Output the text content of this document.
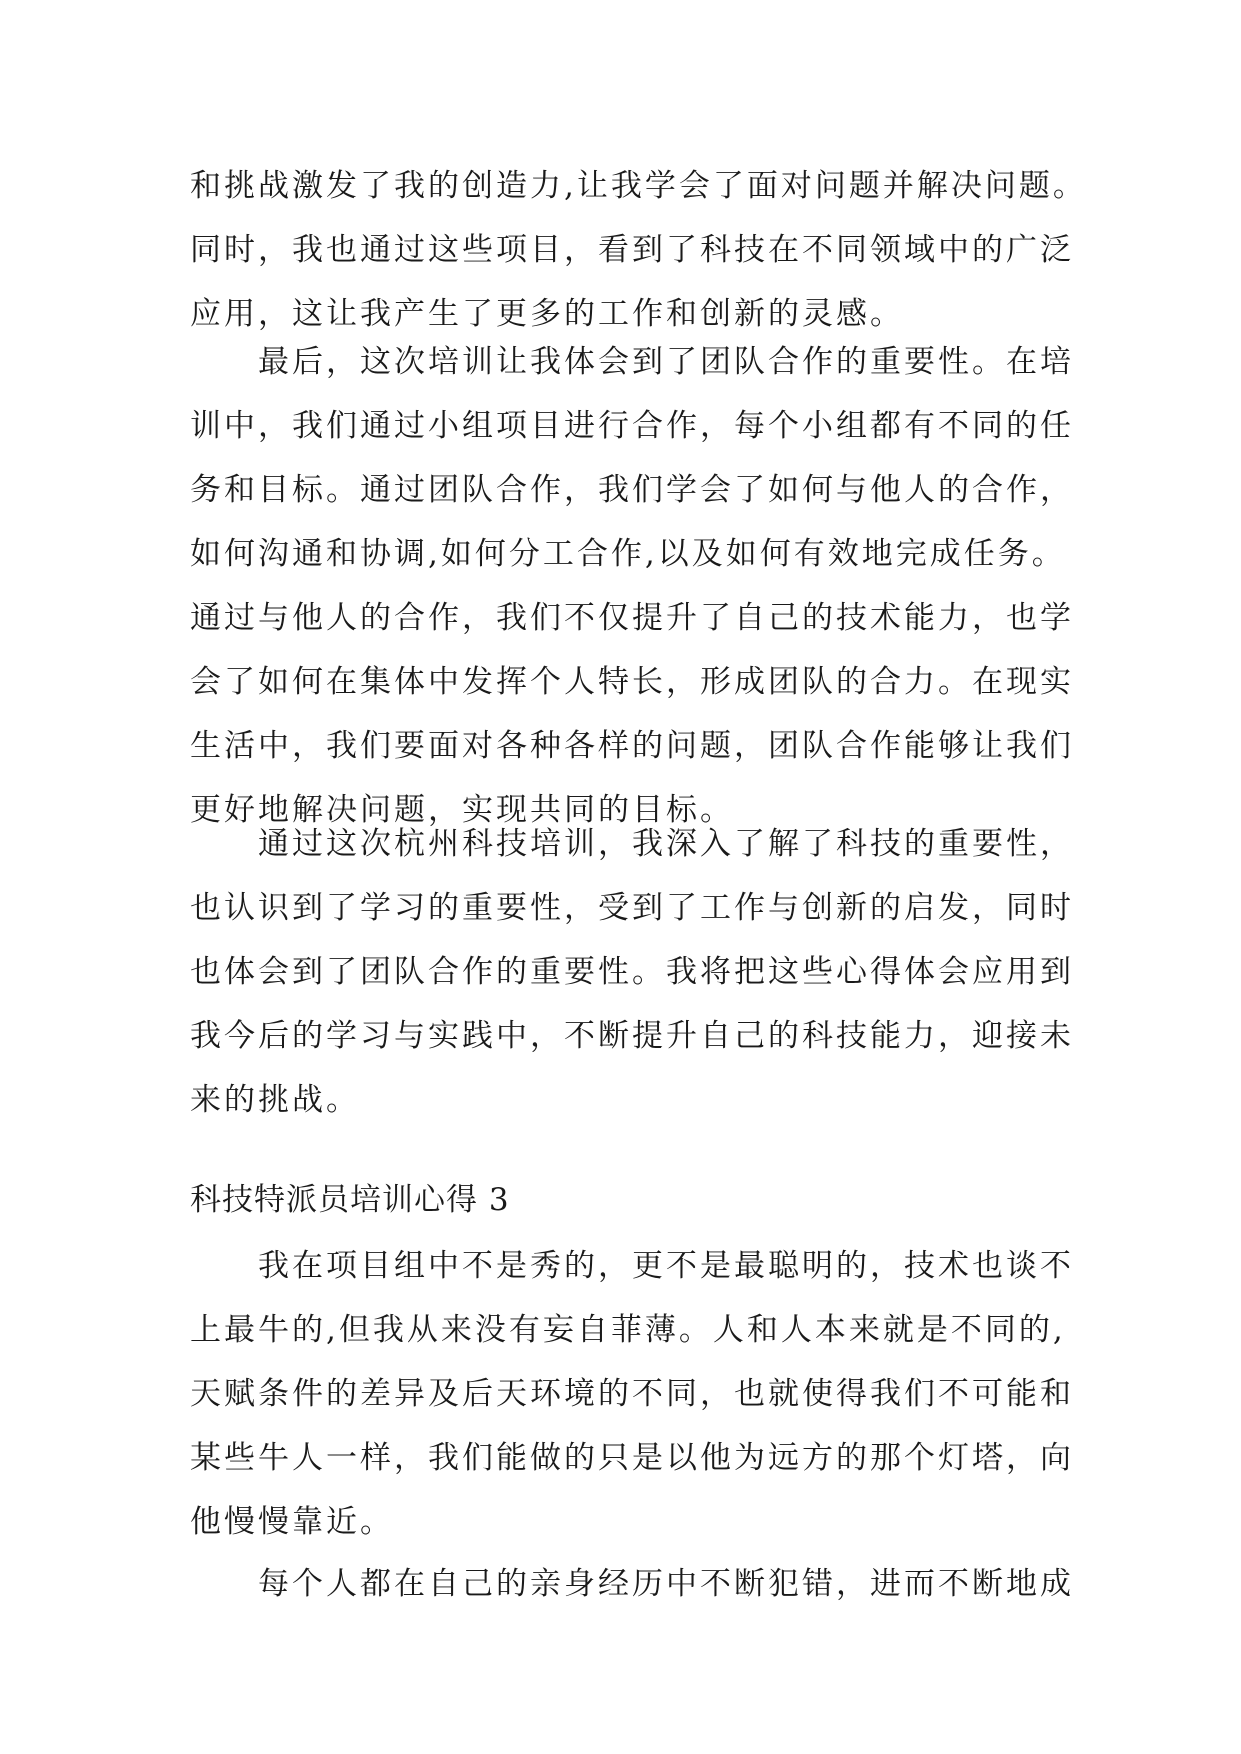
和挑战激发了我的创造力,让我学会了面对问题并解决问题。
同时，我也通过这些项目，看到了科技在不同领域中的广泛
应用，这让我产生了更多的工作和创新的灵感。
最后，这次培训让我体会到了团队合作的重要性。在培
训中，我们通过小组项目进行合作，每个小组都有不同的任
务和目标。通过团队合作，我们学会了如何与他人的合作，
如何沟通和协调,如何分工合作,以及如何有效地完成任务。
通过与他人的合作，我们不仅提升了自己的技术能力，也学
会了如何在集体中发挥个人特长，形成团队的合力。在现实
生活中，我们要面对各种各样的问题，团队合作能够让我们
更好地解决问题，实现共同的目标。
通过这次杭州科技培训，我深入了解了科技的重要性，
也认识到了学习的重要性，受到了工作与创新的启发，同时
也体会到了团队合作的重要性。我将把这些心得体会应用到
我今后的学习与实践中，不断提升自己的科技能力，迎接未
来的挑战。
科技特派员培训心得 3
我在项目组中不是秀的，更不是最聪明的，技术也谈不
上最牛的,但我从来没有妄自菲薄。人和人本来就是不同的,
天赋条件的差异及后天环境的不同，也就使得我们不可能和
某些牛人一样，我们能做的只是以他为远方的那个灯塔，向
他慢慢靠近。
每个人都在自己的亲身经历中不断犯错，进而不断地成
